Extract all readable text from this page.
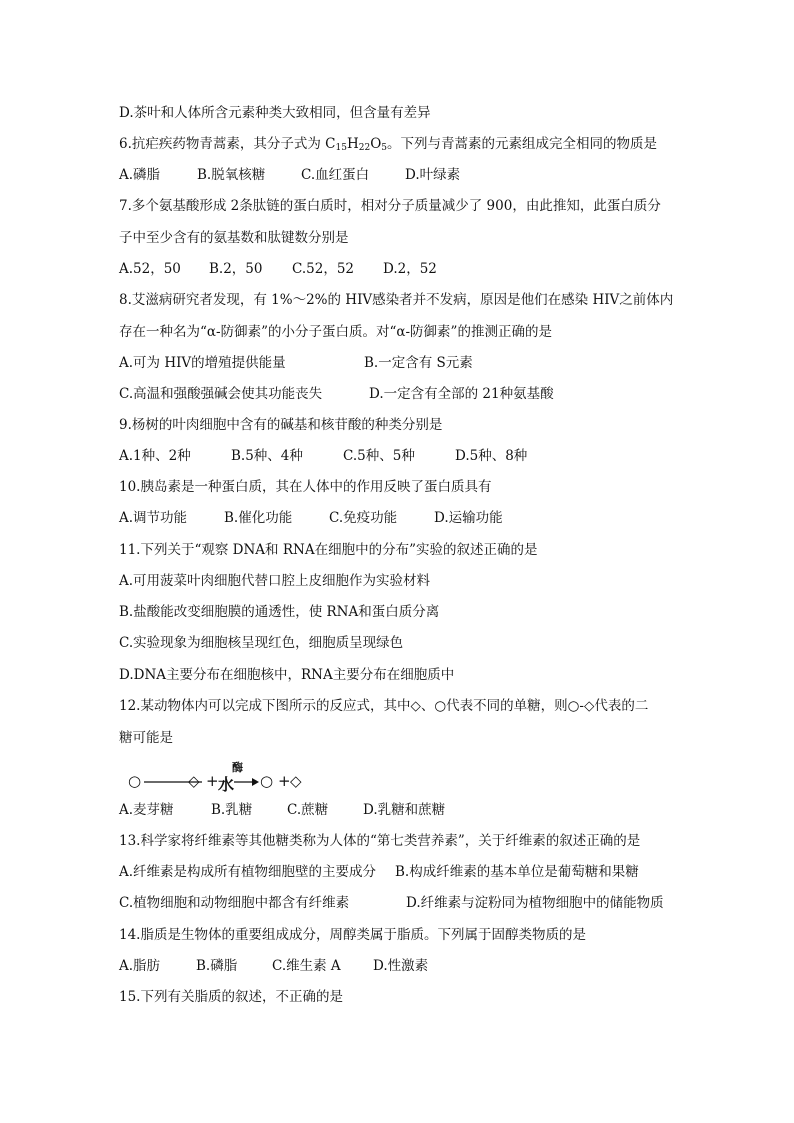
D.茶叶和人体所含元素种类大致相同，但含量有差异
6.抗疟疾药物青蒿素，其分子式为 $C_{15}H_{22}O_5$。下列与青蒿素的元素组成完全相同的物质是
A.磷脂	B.脱氧核糖	C.血红蛋白	D.叶绿素
7.多个氨基酸形成 2条肽链的蛋白质时，相对分子质量减少了 900，由此推知，此蛋白质分
子中至少含有的氨基数和肽键数分别是
A.52，50 B.2，50 C.52，52 D.2，52
8.艾滋病研究者发现，有 1%～2%的 HIV感染者并不发病，原因是他们在感染 HIV之前体内
存在一种名为“α-防御素”的小分子蛋白质。对“α-防御素”的推测正确的是
A.可为 HIV的增殖提供能量	B.一定含有 S元素
C.高温和强酸强碱会使其功能丧失	D.一定含有全部的 21种氨基酸
9.杨树的叶肉细胞中含有的碱基和核苷酸的种类分别是
A.1种、2种	B.5种、4种	C.5种、5种	D.5种、8种
10.胰岛素是一种蛋白质，其在人体中的作用反映了蛋白质具有
A.调节功能	B.催化功能	C.免疫功能	D.运输功能
11.下列关于“观察 DNA和 RNA在细胞中的分布”实验的叙述正确的是
A.可用菠菜叶肉细胞代替口腔上皮细胞作为实验材料
B.盐酸能改变细胞膜的通透性，使 RNA和蛋白质分离
C.实验现象为细胞核呈现红色，细胞质呈现绿色
D.DNA主要分布在细胞核中，RNA主要分布在细胞质中
12.某动物体内可以完成下图所示的反应式，其中◇、○代表不同的单糖，则○-◇代表的二
糖可能是
○	◇ + 水
酶
→ ○ + ◇
A.麦芽糖	B.乳糖	C.蔗糖	D.乳糖和蔗糖
13.科学家将纤维素等其他糖类称为人体的“第七类营养素”，关于纤维素的叙述正确的是
A.纤维素是构成所有植物细胞壁的主要成分 B.构成纤维素的基本单位是葡萄糖和果糖
C.植物细胞和动物细胞中都含有纤维素	D.纤维素与淀粉同为植物细胞中的储能物质
14.脂质是生物体的重要组成成分，周醇类属于脂质。下列属于固醇类物质的是
A.脂肪	B.磷脂	C.维生素 A D.性激素
15.下列有关脂质的叙述，不正确的是
